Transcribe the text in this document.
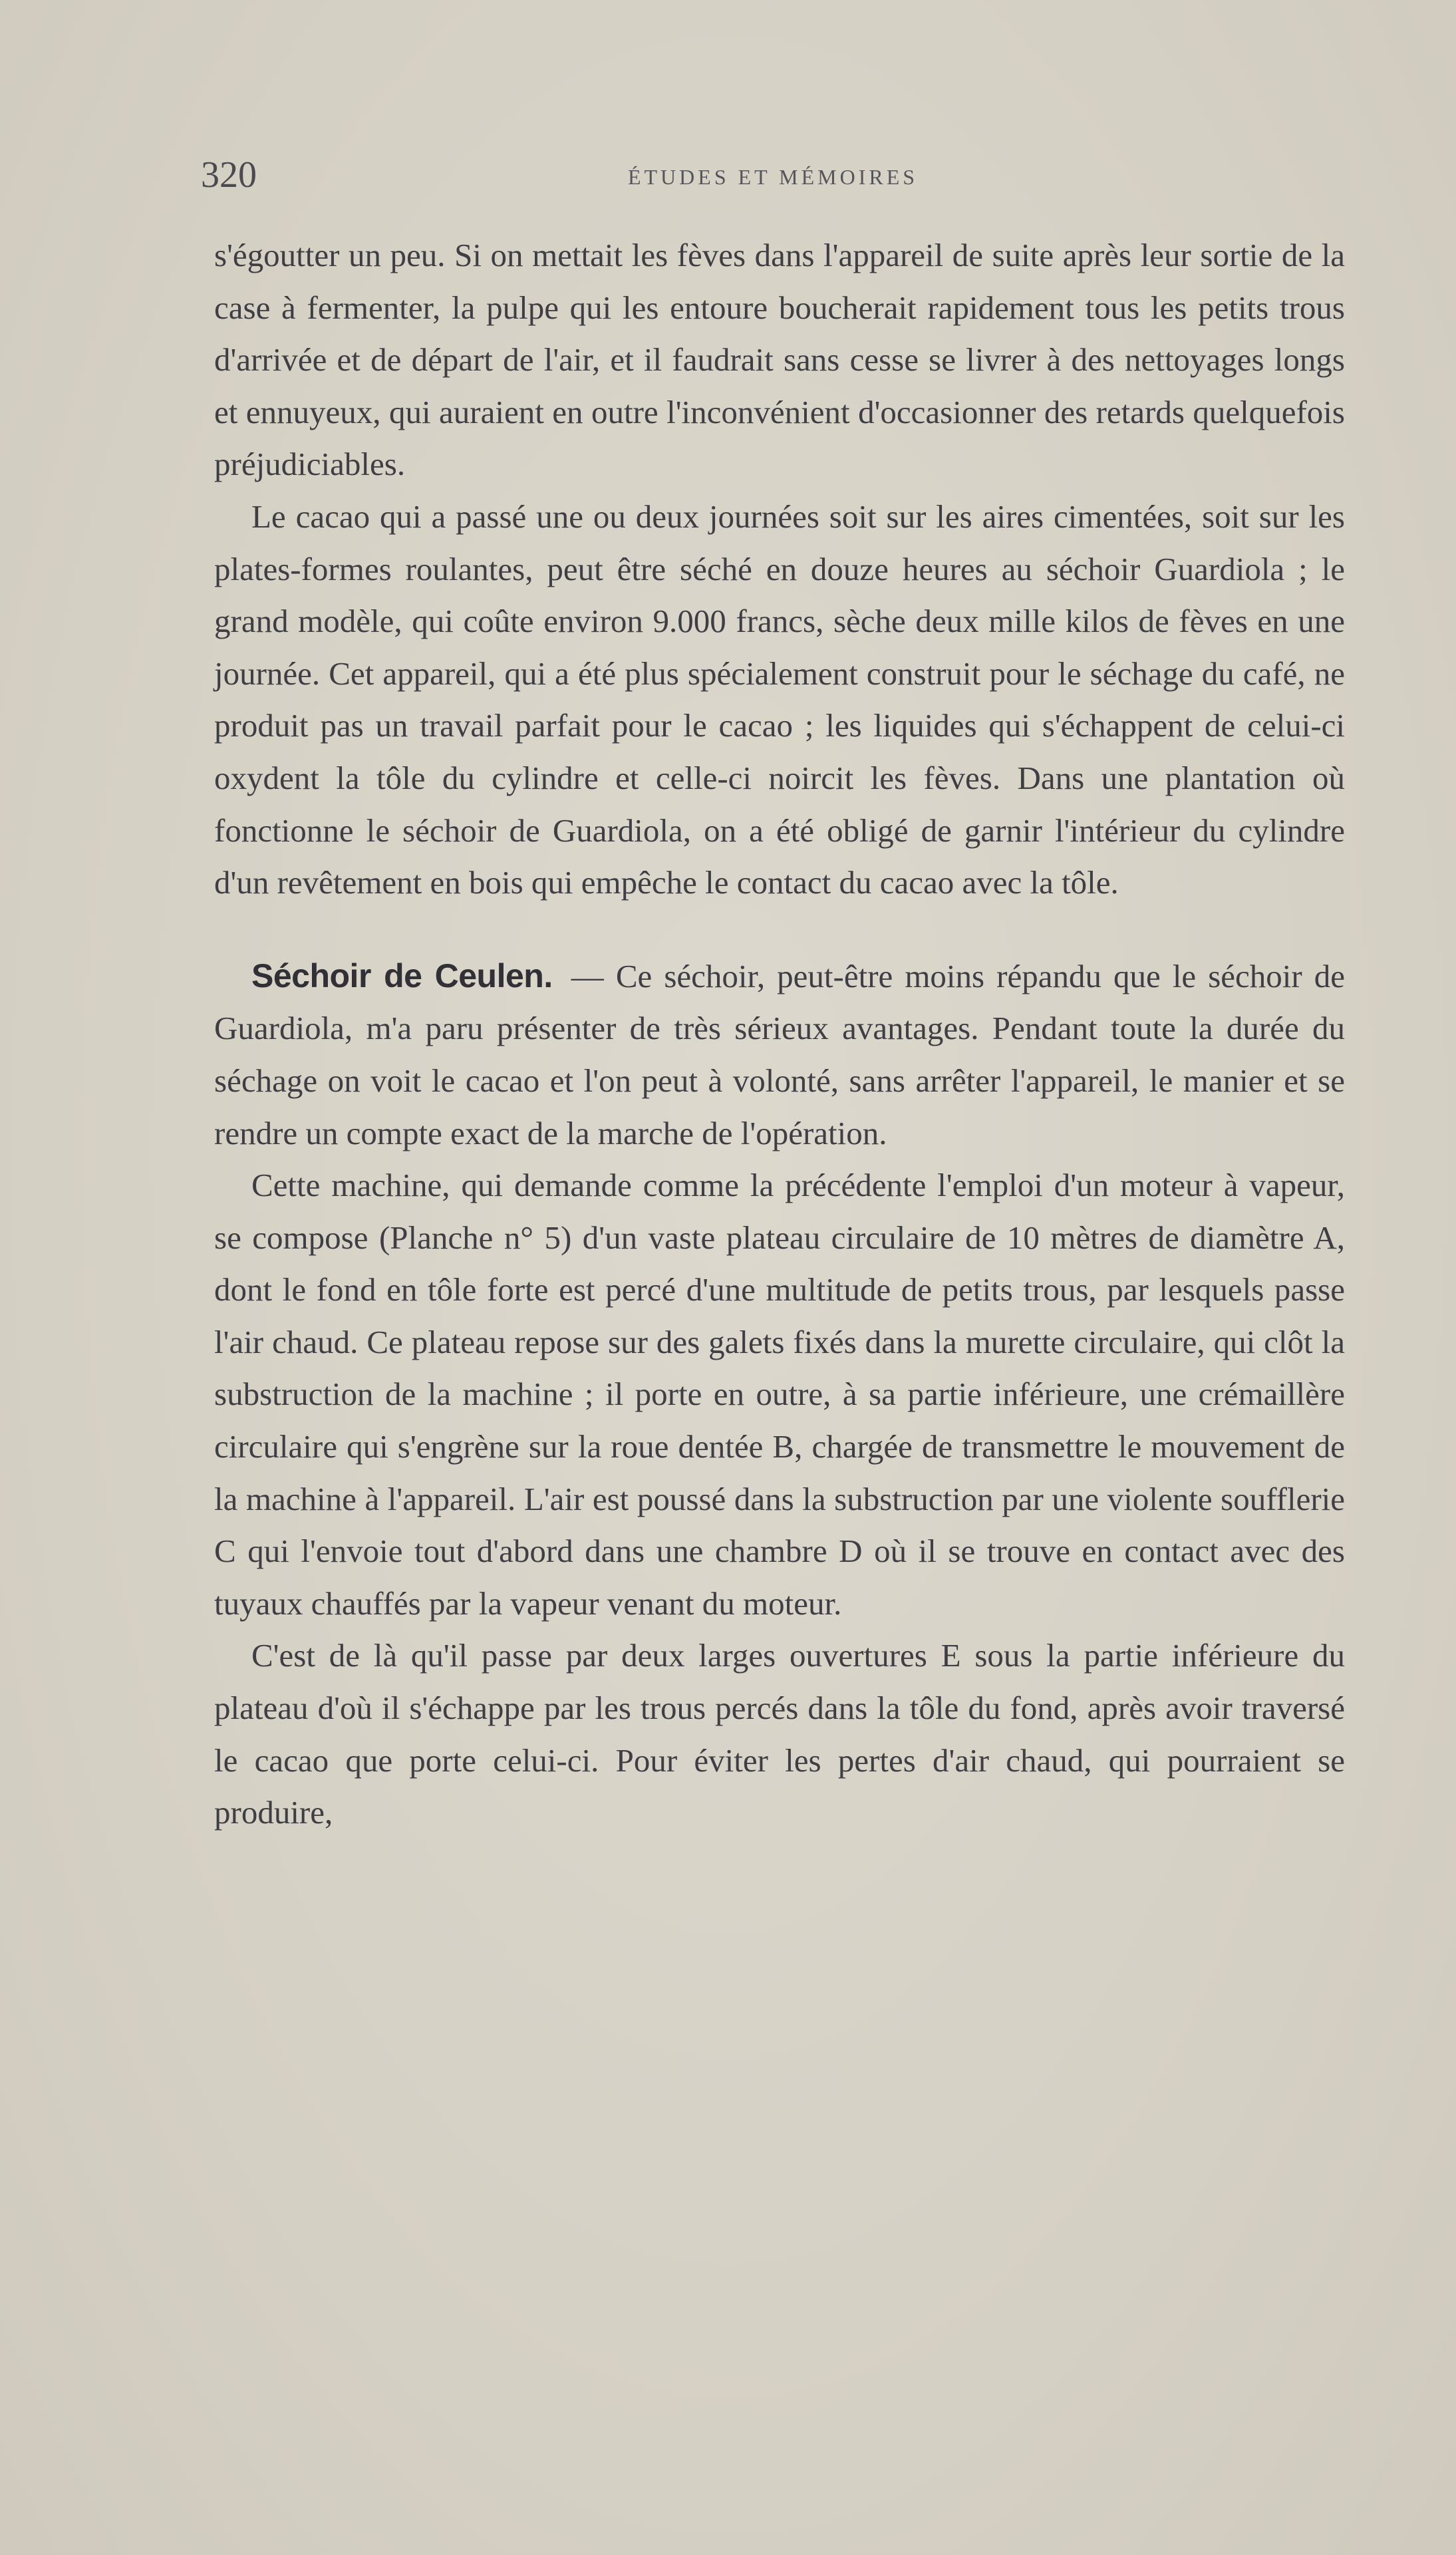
320	ÉTUDES ET MÉMOIRES

s'égoutter un peu. Si on mettait les fèves dans l'appareil de suite après leur sortie de la case à fermenter, la pulpe qui les entoure boucherait rapidement tous les petits trous d'arrivée et de départ de l'air, et il faudrait sans cesse se livrer à des nettoyages longs et ennuyeux, qui auraient en outre l'inconvénient d'occasionner des retards quelquefois préjudiciables.

Le cacao qui a passé une ou deux journées soit sur les aires cimentées, soit sur les plates-formes roulantes, peut être séché en douze heures au séchoir Guardiola ; le grand modèle, qui coûte environ 9.000 francs, sèche deux mille kilos de fèves en une journée. Cet appareil, qui a été plus spécialement construit pour le séchage du café, ne produit pas un travail parfait pour le cacao ; les liquides qui s'échappent de celui-ci oxydent la tôle du cylindre et celle-ci noircit les fèves. Dans une plantation où fonctionne le séchoir de Guardiola, on a été obligé de garnir l'intérieur du cylindre d'un revêtement en bois qui empêche le contact du cacao avec la tôle.

Séchoir de Ceulen. — Ce séchoir, peut-être moins répandu que le séchoir de Guardiola, m'a paru présenter de très sérieux avantages. Pendant toute la durée du séchage on voit le cacao et l'on peut à volonté, sans arrêter l'appareil, le manier et se rendre un compte exact de la marche de l'opération.

Cette machine, qui demande comme la précédente l'emploi d'un moteur à vapeur, se compose (Planche n° 5) d'un vaste plateau circulaire de 10 mètres de diamètre A, dont le fond en tôle forte est percé d'une multitude de petits trous, par lesquels passe l'air chaud. Ce plateau repose sur des galets fixés dans la murette circulaire, qui clôt la substruction de la machine ; il porte en outre, à sa partie inférieure, une crémaillère circulaire qui s'engrène sur la roue dentée B, chargée de transmettre le mouvement de la machine à l'appareil. L'air est poussé dans la substruction par une violente soufflerie C qui l'envoie tout d'abord dans une chambre D où il se trouve en contact avec des tuyaux chauffés par la vapeur venant du moteur.

C'est de là qu'il passe par deux larges ouvertures E sous la partie inférieure du plateau d'où il s'échappe par les trous percés dans la tôle du fond, après avoir traversé le cacao que porte celui-ci. Pour éviter les pertes d'air chaud, qui pourraient se produire,
